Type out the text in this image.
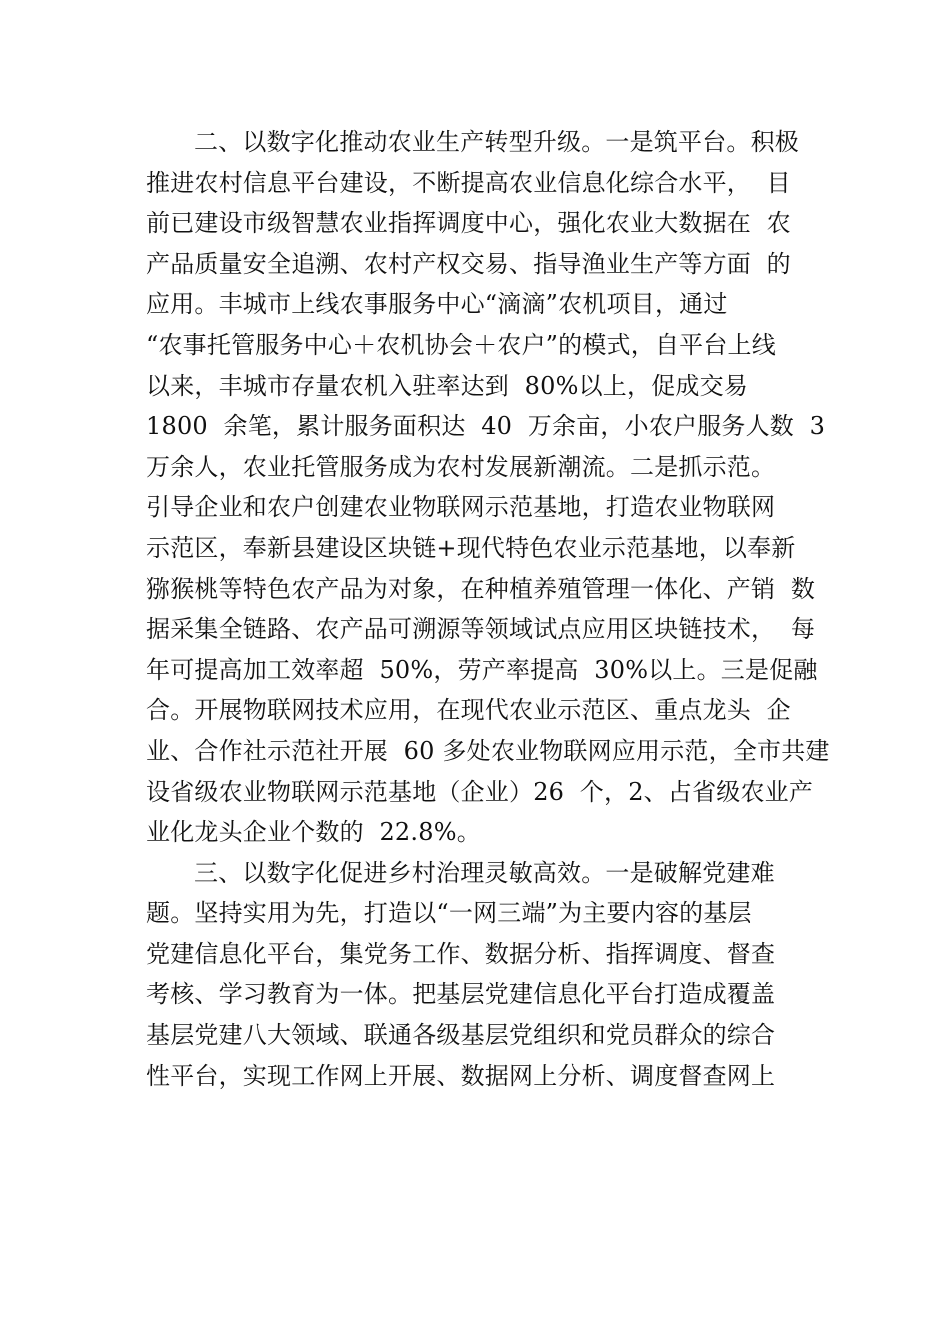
二、以数字化推动农业生产转型升级。一是筑平台。积极
推进农村信息平台建设，不断提高农业信息化综合水平，  目
前已建设市级智慧农业指挥调度中心，强化农业大数据在  农
产品质量安全追溯、农村产权交易、指导渔业生产等方面  的
应用。丰城市上线农事服务中心“滴滴”农机项目，通过
“农事托管服务中心＋农机协会＋农户”的模式，自平台上线
以来，丰城市存量农机入驻率达到  80%以上，促成交易
1800  余笔，累计服务面积达  40  万余亩，小农户服务人数  3
万余人，农业托管服务成为农村发展新潮流。二是抓示范。
引导企业和农户创建农业物联网示范基地，打造农业物联网
示范区，奉新县建设区块链+现代特色农业示范基地，以奉新
猕猴桃等特色农产品为对象，在种植养殖管理一体化、产销  数
据采集全链路、农产品可溯源等领域试点应用区块链技术，  每
年可提高加工效率超  50%，劳产率提高  30%以上。三是促融
合。开展物联网技术应用，在现代农业示范区、重点龙头  企
业、合作社示范社开展  60 多处农业物联网应用示范，全市共建
设省级农业物联网示范基地（企业）26  个，2、占省级农业产
业化龙头企业个数的  22.8%。
三、以数字化促进乡村治理灵敏高效。一是破解党建难
题。坚持实用为先，打造以“一网三端”为主要内容的基层
党建信息化平台，集党务工作、数据分析、指挥调度、督查
考核、学习教育为一体。把基层党建信息化平台打造成覆盖
基层党建八大领域、联通各级基层党组织和党员群众的综合
性平台，实现工作网上开展、数据网上分析、调度督查网上
